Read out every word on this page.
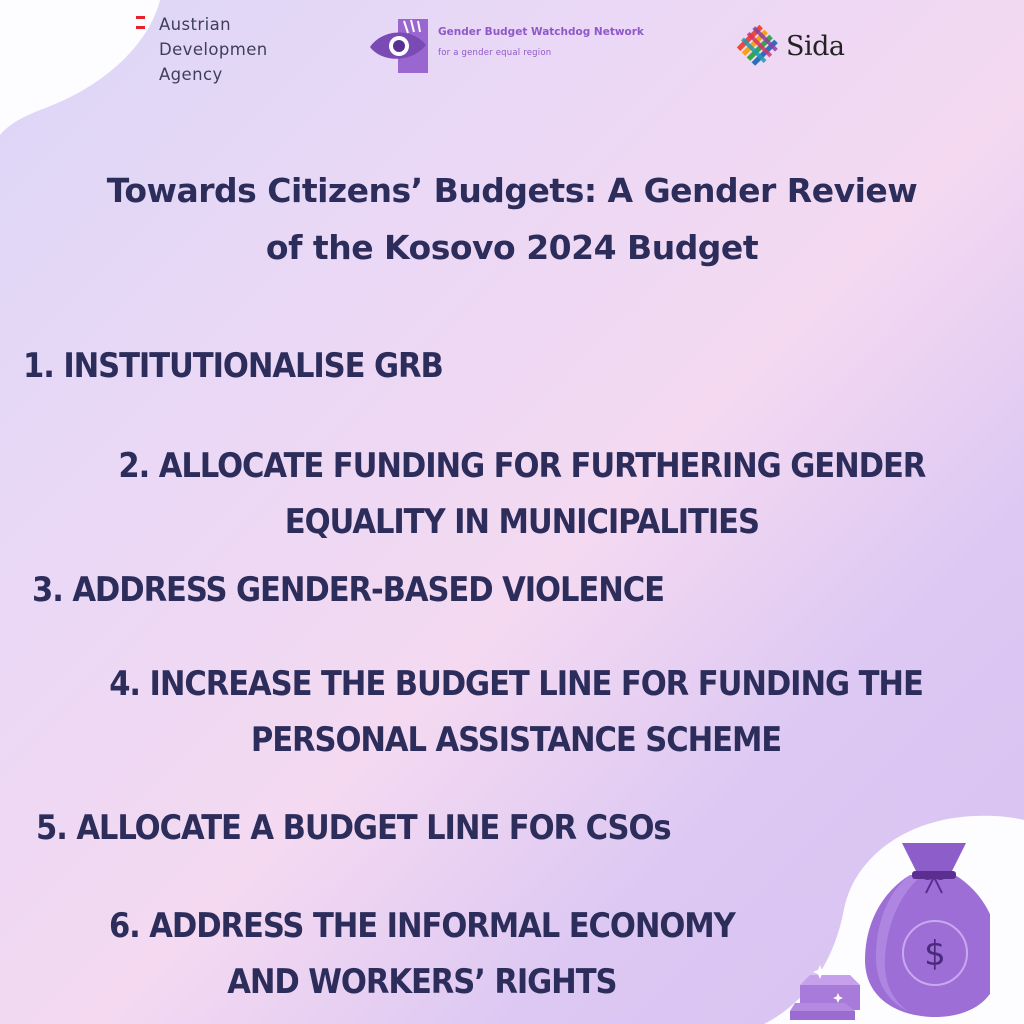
Austrian
Developmen
Agency
Gender Budget Watchdog Network
for a gender equal region	Sida
Towards Citizens’ Budgets: A Gender Review
of the Kosovo 2024 Budget
1. INSTITUTIONALISE GRB
2. ALLOCATE FUNDING FOR FURTHERING GENDER
EQUALITY IN MUNICIPALITIES
3. ADDRESS GENDER-BASED VIOLENCE
4. INCREASE THE BUDGET LINE FOR FUNDING THE
PERSONAL ASSISTANCE SCHEME
5. ALLOCATE A BUDGET LINE FOR CSOs
6. ADDRESS THE INFORMAL ECONOMY
AND WORKERS’ RIGHTS
$
